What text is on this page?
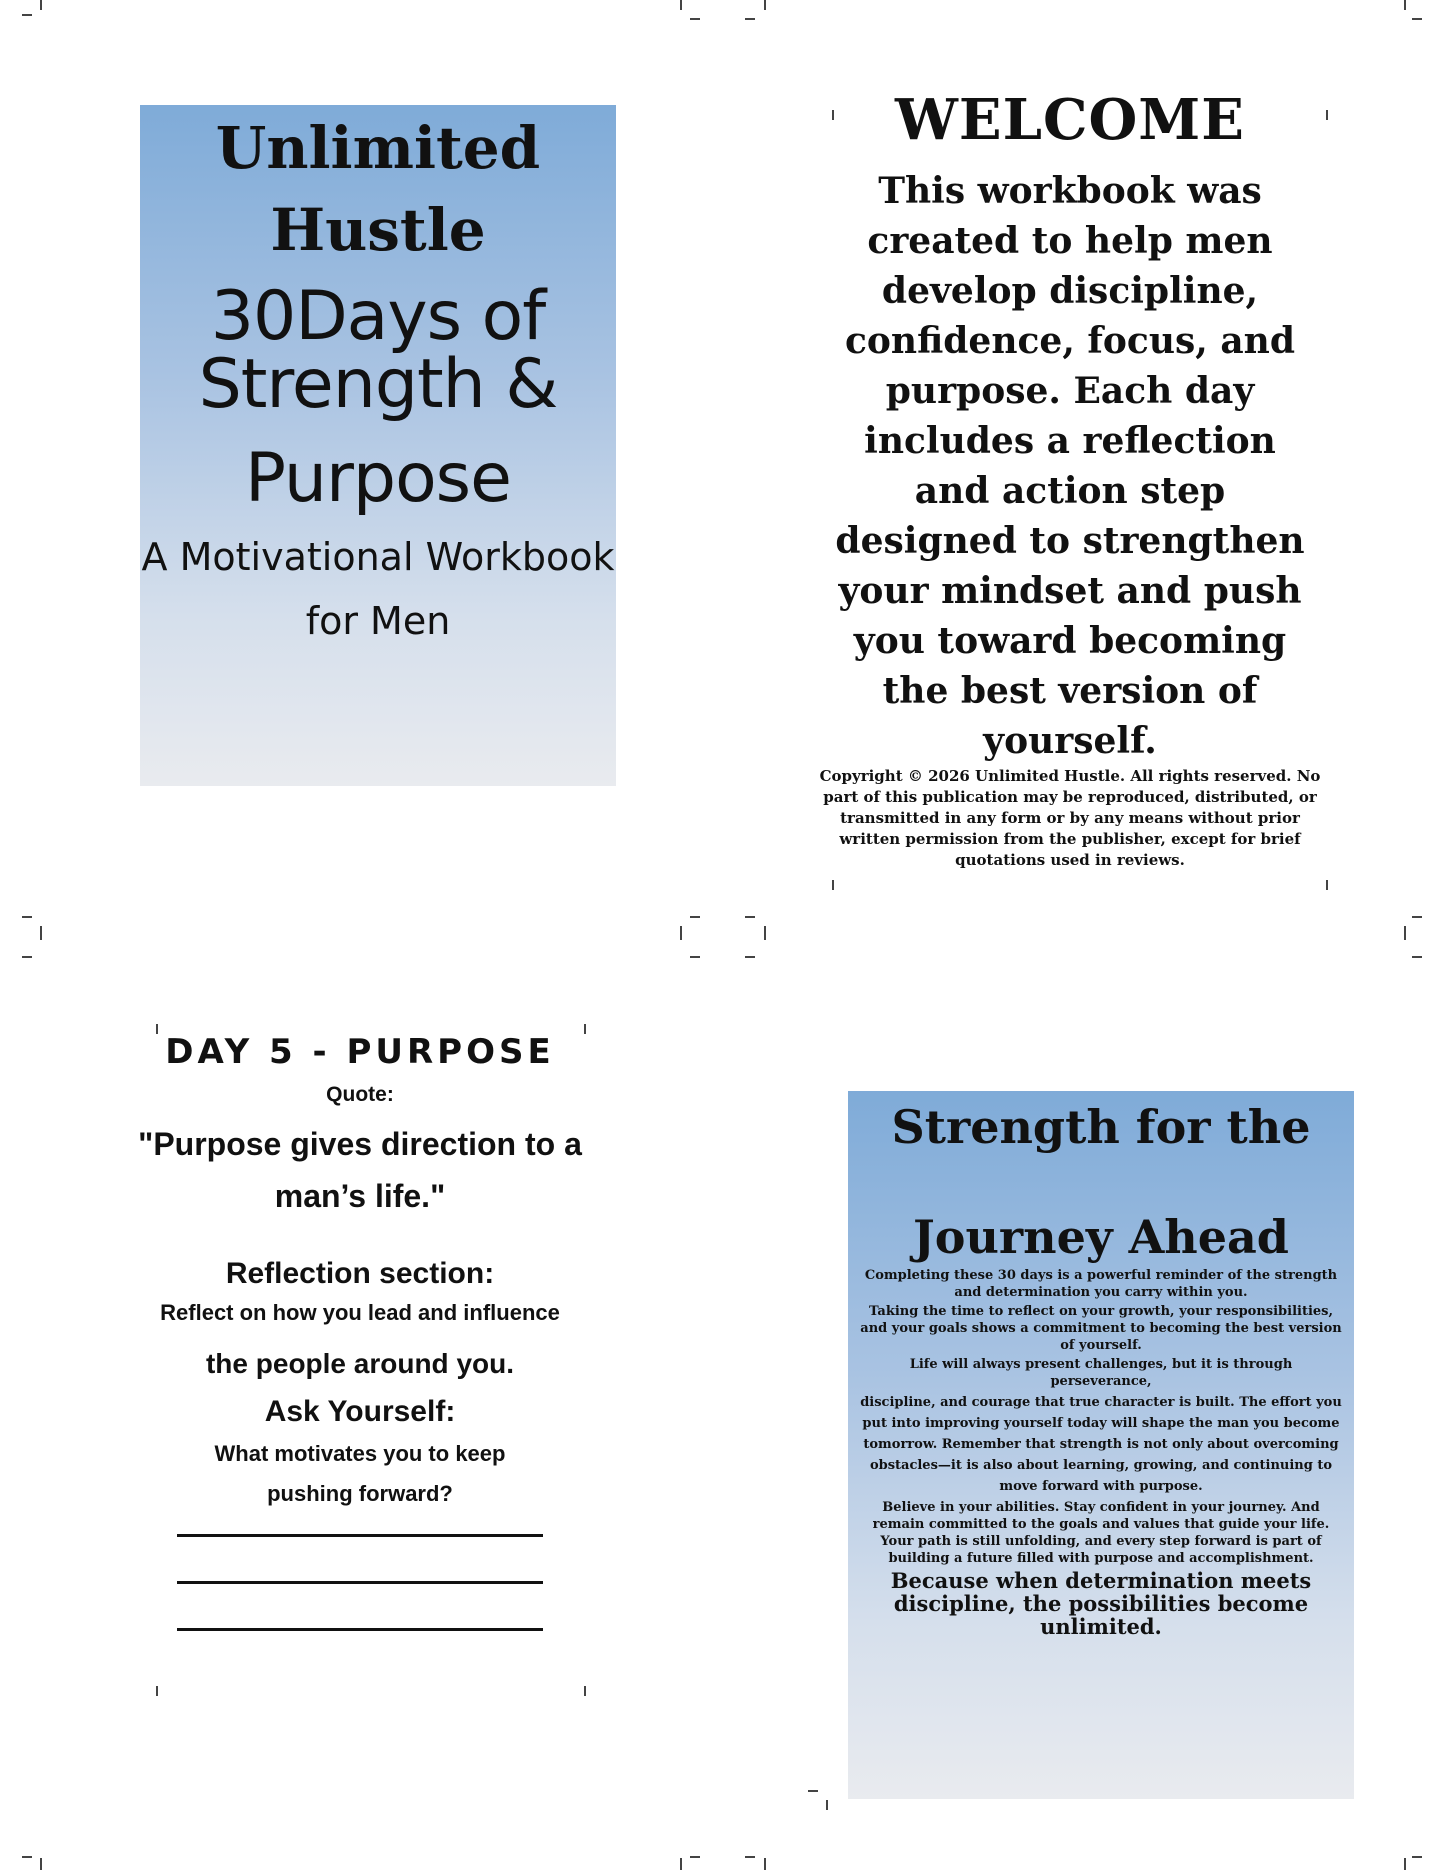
Unlimited
Hustle
30Days of
Strength &
Purpose
A Motivational Workbook
for Men
WELCOME
This workbook was created to help men develop discipline, confidence, focus, and purpose. Each day includes a reflection and action step designed to strengthen your mindset and push you toward becoming the best version of yourself.
Copyright © 2026 Unlimited Hustle. All rights reserved. No part of this publication may be reproduced, distributed, or transmitted in any form or by any means without prior written permission from the publisher, except for brief quotations used in reviews.
DAY 5 - PURPOSE
Quote:
"Purpose gives direction to a man’s life."
Reflection section:
Reflect on how you lead and influence
the people around you.
Ask Yourself:
What motivates you to keep pushing forward?
Strength for the
Journey Ahead
Completing these 30 days is a powerful reminder of the strength and determination you carry within you.
Taking the time to reflect on your growth, your responsibilities, and your goals shows a commitment to becoming the best version of yourself.
Life will always present challenges, but it is through perseverance,
discipline, and courage that true character is built. The effort you put into improving yourself today will shape the man you become tomorrow. Remember that strength is not only about overcoming obstacles—it is also about learning, growing, and continuing to move forward with purpose.
Believe in your abilities. Stay confident in your journey. And remain committed to the goals and values that guide your life. Your path is still unfolding, and every step forward is part of building a future filled with purpose and accomplishment.
Because when determination meets discipline, the possibilities become unlimited.
